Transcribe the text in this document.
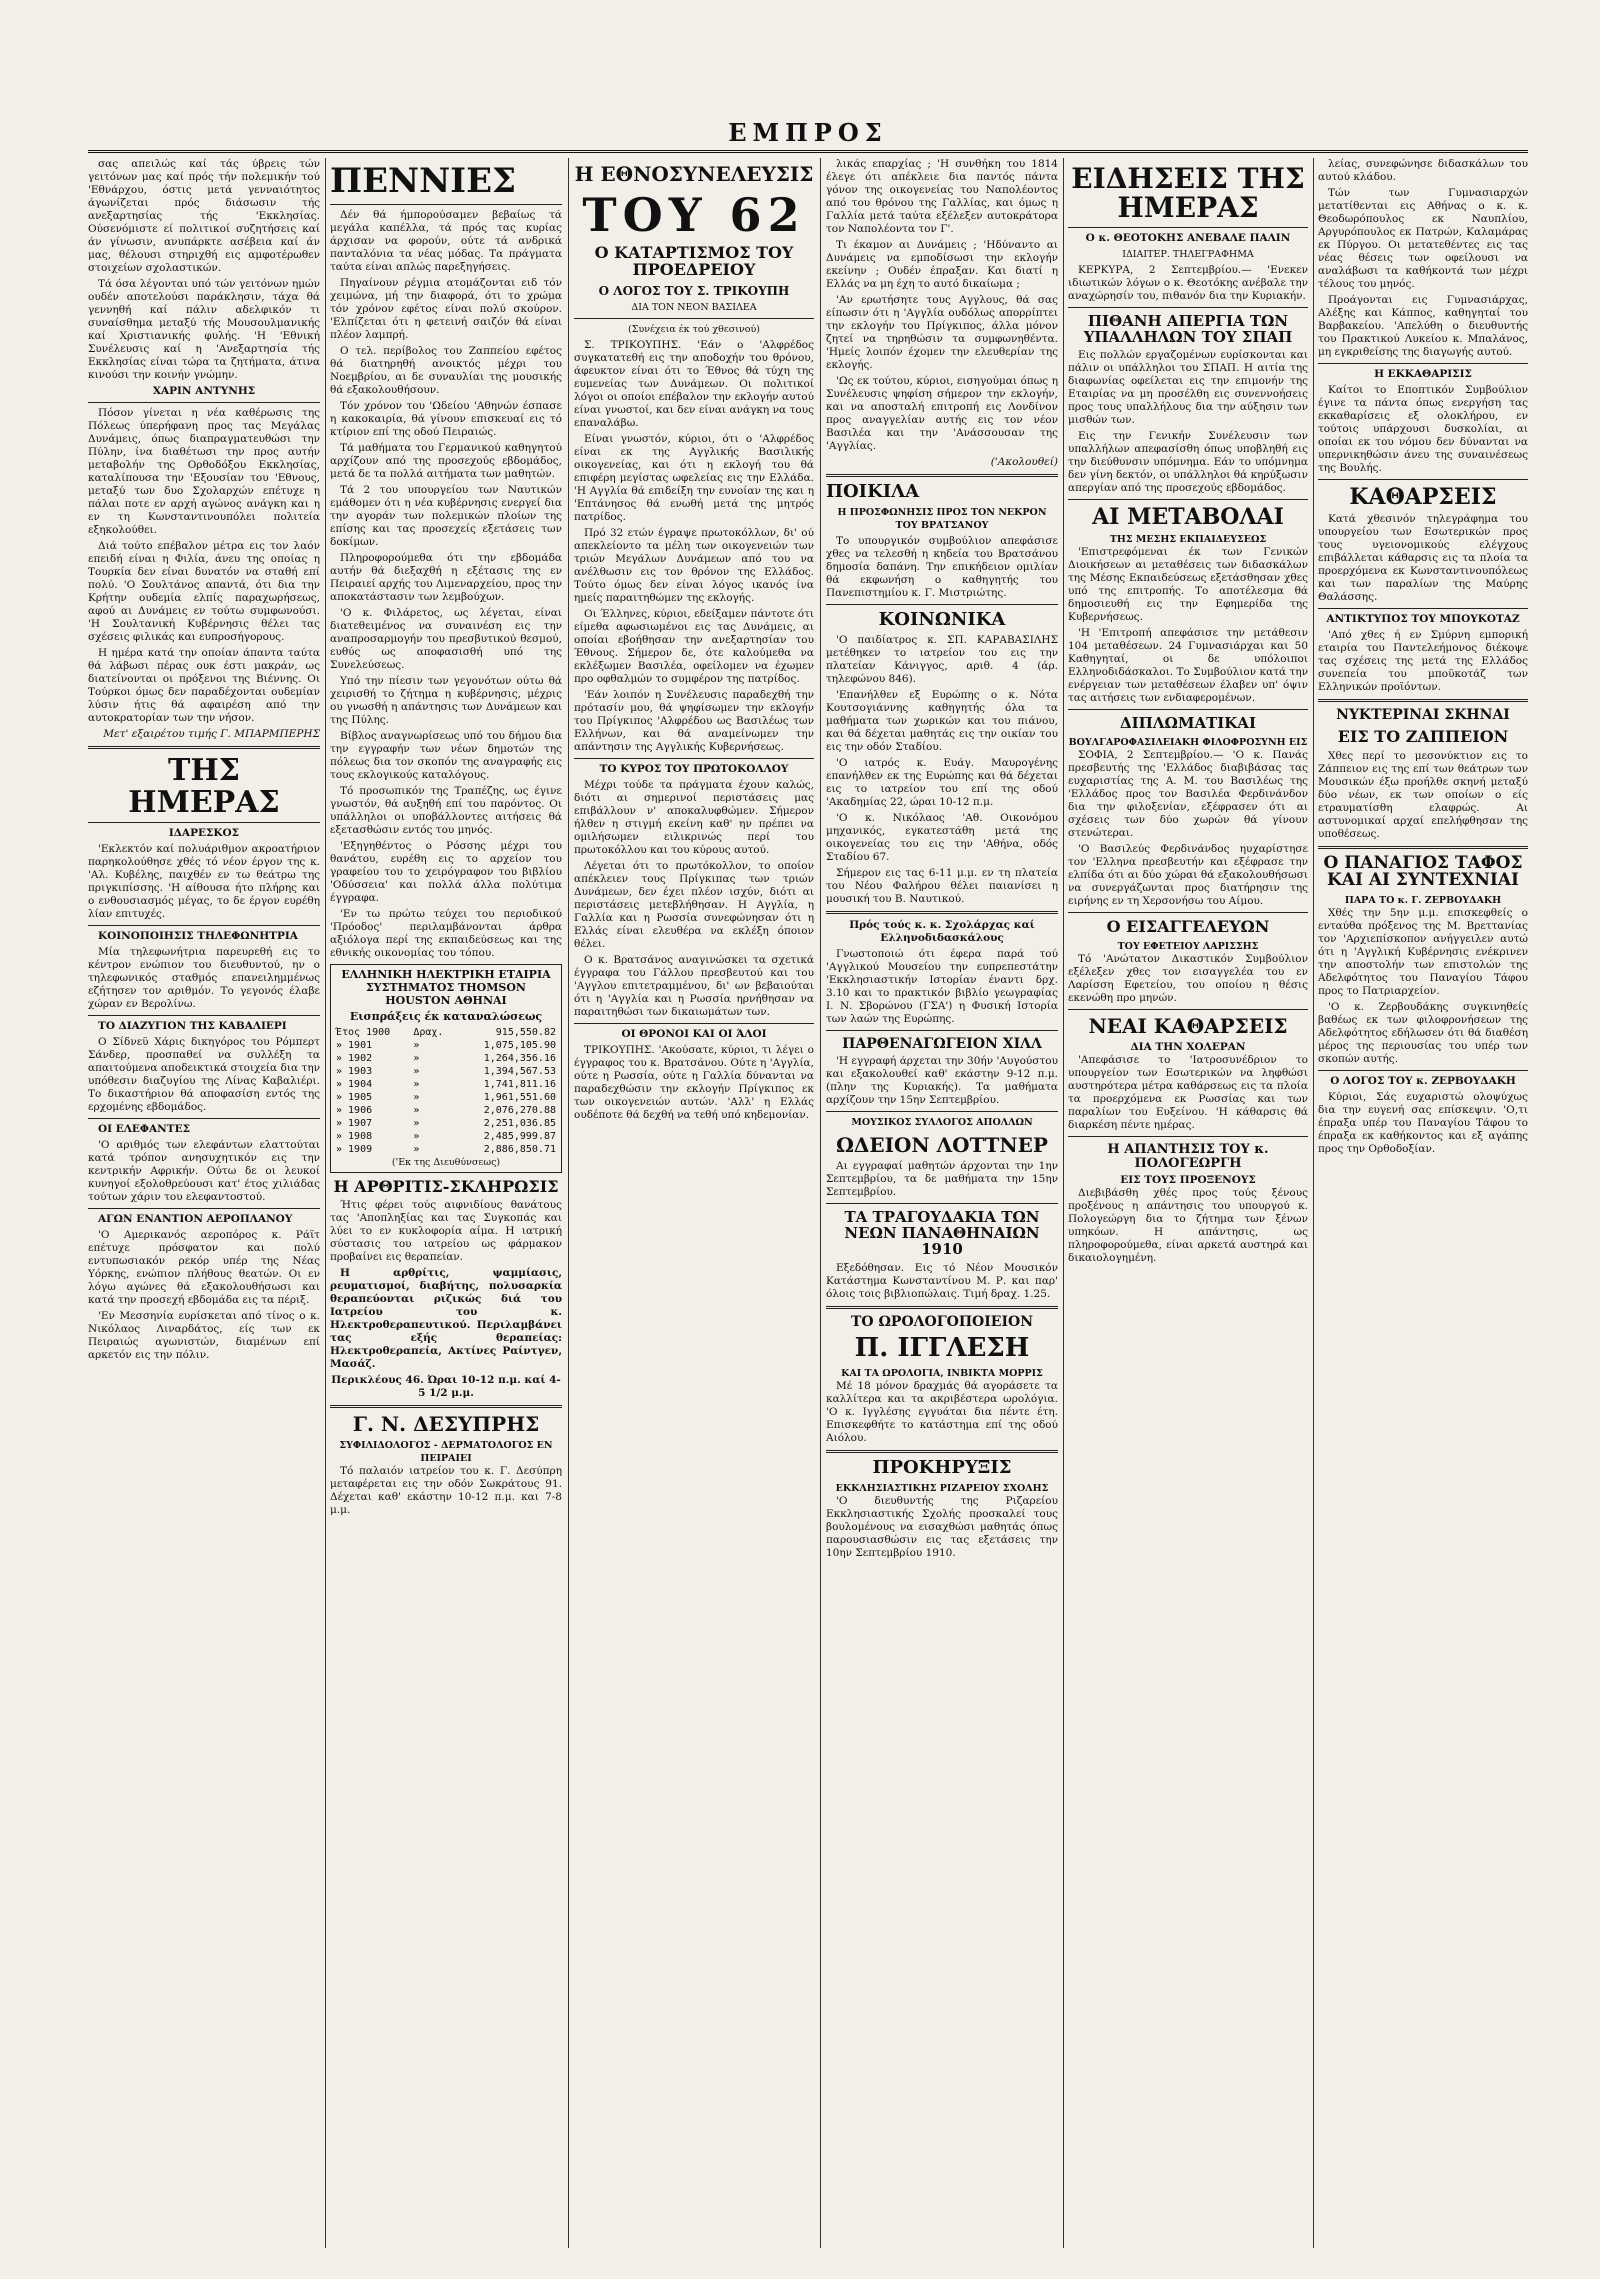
ΕΜΠΡΟΣ

σας απειλώς καί τάς ύβρεις τών γειτόνων μας καί πρός τήν πολεμικήν τού 'Εθνάρχου, όστις μετά γενναιότητος άγωνίζεται πρός διάσωσιν τής ανεξαρτησίας τής 'Εκκλησίας. Ούσενόμιστε εί πολιτικοί συζητήσεις καί άν γίνωσιν, ανυπάρκτε ασέβεια καί άν μας, θέλουσι στηριχθή εις αμφοτέρωθεν στοιχείων σχολαστικών.

Τά όσα λέγονται υπό τών γειτόνων ημών ουδέν αποτελούσι παράκλησιν, τάχα θά γεννηθή καί πάλιν αδελφικόν τι συναίσθημα μεταξύ τής Μουσουλμανικής καί Χριστιανικής φυλής. 'Η 'Εθνική Συνέλευσις καί η 'Ανεξαρτησία τής Εκκλησίας είναι τώρα τα ζητήματα, άτινα κινούσι την κοινήν γνώμην.

ΧΑΡΙΝ ΑΝΤΥΝΗΣ

Πόσον γίνεται η νέα καθέρωσις της Πόλεως ύπερήφανη προς τας Μεγάλας Δυνάμεις, όπως διαπραγματευθώσι την Πύλην, ίνα διαθέτωσι την προς αυτήν μεταβολήν της Ορθοδόξου Εκκλησίας, καταλίπουσα την 'Εξουσίαν του 'Εθνους, μεταξύ των δυο Σχολαρχών επέτυχε η πάλαι ποτε εν αρχή αγώνος ανάγκη και η εν τη Κωνσταντινουπόλει πολιτεία εξηκολούθει.

Διά τούτο επέβαλον μέτρα εις τον λαόν επειδή είναι η Φιλία, άνευ της οποίας η Τουρκία δεν είναι δυνατόν να σταθή επί πολύ. 'Ο Σουλτάνος απαντά, ότι δια την Κρήτην ουδεμία ελπίς παραχωρήσεως, αφού αι Δυνάμεις εν τούτω συμφωνούσι. 'Η Σουλτανική Κυβέρνησις θέλει τας σχέσεις φιλικάς και ευπροσήγορους.

Η ημέρα κατά την οποίαν άπαντα ταύτα θά λάβωσι πέρας ουκ έστι μακράν, ως διατείνονται οι πρόξενοι της Βιέννης. Οι Τούρκοι όμως δεν παραδέχονται ουδεμίαν λύσιν ήτις θά αφαιρέση από την αυτοκρατορίαν των την νήσον.

Μετ' εξαιρέτου τιμής Γ. ΜΠΑΡΜΠΕΡΗΣ

ΤΗΣ ΗΜΕΡΑΣ

ΙΔΑΡΕΣΚΟΣ

'Εκλεκτόν καί πολυάριθμον ακροατήριον παρηκολούθησε χθές τό νέον έργον της κ. 'Αλ. Κυβέλης, παιχθέν εν τω θεάτρω της πριγκιπίσσης. 'Η αίθουσα ήτο πλήρης και ο ενθουσιασμός μέγας, το δε έργον ευρέθη λίαν επιτυχές.

ΚΟΙΝΟΠΟΙΗΣΙΣ ΤΗΛΕΦΩΝΗΤΡΙΑ

Μία τηλεφωνήτρια παρευρεθή εις το κέντρον ενώπιον του διευθυντού, ην ο τηλεφωνικός σταθμός επανειλημμένως εζήτησεν τον αριθμόν. Το γεγονός έλαβε χώραν εν Βερολίνω.

ΤΟ ΔΙΑΖΥΓΙΟΝ ΤΗΣ ΚΑΒΑΛΙΕΡΙ

Ο Σίδνεϋ Χάρις δικηγόρος του Ρόμπερτ Σάνδερ, προσπαθεί να συλλέξη τα απαιτούμενα αποδεικτικά στοιχεία δια την υπόθεσιν διαζυγίου της Λίνας Καβαλιέρι. Το δικαστήριον θά αποφασίση εντός της ερχομένης εβδομάδος.

ΟΙ ΕΛΕΦΑΝΤΕΣ

'Ο αριθμός των ελεφάντων ελαττούται κατά τρόπον ανησυχητικόν εις την κεντρικήν Αφρικήν. Ούτω δε οι λευκοί κυνηγοί εξολοθρεύουσι κατ' έτος χιλιάδας τούτων χάριν του ελεφαντοστού.

ΑΓΩΝ ΕΝΑΝΤΙΟΝ ΑΕΡΟΠΛΑΝΟΥ

'Ο Αμερικανός αεροπόρος κ. Ράϊτ επέτυχε πρόσφατον και πολύ εντυπωσιακόν ρεκόρ υπέρ της Νέας Υόρκης, ενώπιον πλήθους θεατών. Οι εν λόγω αγώνες θά εξακολουθήσωσι και κατά την προσεχή εβδομάδα εις τα πέριξ.

'Εν Μεσσηνία ευρίσκεται από τίνος ο κ. Νικόλαος Λιναρδάτος, είς των εκ Πειραιώς αγωνιστών, διαμένων επί αρκετόν εις την πόλιν.

ΠΕΝΝΙΕΣ

Δέν θά ήμπορούσαμεν βεβαίως τά μεγάλα καπέλλα, τά πρός τας κυρίας άρχισαν να φορούν, ούτε τά ανδρικά πανταλόνια τα νέας μόδας. Τα πράγματα ταύτα είναι απλώς παρεξηγήσεις.

Πηγαίνουν ρέγμια ατομάζονται ειδ τόν χειμώνα, μή την διαφορά, ότι το χρώμα τόν χρόνον εφέτος είναι πολύ σκούρον. 'Ελπίζεται ότι η φετεινή σαιζόν θά είναι πλέον λαμπρή.

Ο τελ. περίβολος του Ζαππείου εφέτος θά διατηρηθή ανοικτός μέχρι του Νοεμβρίου, αι δε συναυλίαι της μουσικής θά εξακολουθήσουν.

Τόν χρόνον του 'Ωδείου 'Αθηνών έσπασε η κακοκαιρία, θά γίνουν επισκευαί εις τό κτίριον επί της οδού Πειραιώς.

Τά μαθήματα του Γερμανικού καθηγητού αρχίζουν από της προσεχούς εβδομάδος, μετά δε τα πολλά αιτήματα των μαθητών.

Τά 2 του υπουργείου των Ναυτικών εμάθομεν ότι η νέα κυβέρνησις ενεργεί δια την αγοράν των πολεμικών πλοίων της επίσης και τας προσεχείς εξετάσεις των δοκίμων.

Πληροφορούμεθα ότι την εβδομάδα αυτήν θά διεξαχθή η εξέτασις της εν Πειραιεί αρχής του Λιμεναρχείου, προς την αποκατάστασιν των λεμβούχων.

'Ο κ. Φιλάρετος, ως λέγεται, είναι διατεθειμένος να συναινέση εις την αναπροσαρμογήν του πρεσβυτικού θεσμού, ευθύς ως αποφασισθή υπό της Συνελεύσεως.

Υπό την πίεσιν των γεγονότων ούτω θά χειρισθή το ζήτημα η κυβέρνησις, μέχρις ου γνωσθή η απάντησις των Δυνάμεων και της Πύλης.

Βίβλος αναγνωρίσεως υπό του δήμου δια την εγγραφήν των νέων δημοτών της πόλεως δια τον σκοπόν της αναγραφής εις τους εκλογικούς καταλόγους.

Τό προσωπικόν της Τραπέζης, ως έγινε γνωστόν, θά αυξηθή επί του παρόντος. Οι υπάλληλοι οι υποβάλλοντες αιτήσεις θά εξετασθώσιν εντός του μηνός.

'Εξηγηθέντος ο Ρόσσης μέχρι του θανάτου, ευρέθη εις το αρχείον του γραφείου του το χειρόγραφον του βιβλίου 'Οδύσσεια' και πολλά άλλα πολύτιμα έγγραφα.

'Εν τω πρώτω τεύχει του περιοδικού 'Πρόοδος' περιλαμβάνονται άρθρα αξιόλογα περί της εκπαιδεύσεως και της εθνικής οικονομίας του τόπου.

ΕΛΛΗΝΙΚΗ ΗΛΕΚΤΡΙΚΗ ΕΤΑΙΡΙΑ ΣΥΣΤΗΜΑΤΟΣ THOMSON HOUSTON ΑΘΗΝΑΙ
Εισπράξεις έκ καταναλώσεως
Έτος 1900	Δραχ.	915,550.82
» 1901	»	1,075,105.90
» 1902	»	1,264,356.16
» 1903	»	1,394,567.53
» 1904	»	1,741,811.16
» 1905	»	1,961,551.60
» 1906	»	2,076,270.88
» 1907	»	2,251,036.85
» 1908	»	2,485,999.87
» 1909	»	2,886,850.71
('Εκ της Διευθύνσεως)
Η ΑΡΘΡΙΤΙΣ-ΣΚΛΗΡΩΣΙΣ

Ήτις φέρει τούς αιφνιδίους θανάτους τας 'Αποπληξίας και τας Συγκοπάς και λύει το εν κυκλοφορία αίμα. Η ιατρική σύστασις του ιατρείου ως φάρμακον προβαίνει εις θεραπείαν.

Η αρθρίτις, ψαμμίασις, ρευματισμοί, διαβήτης, πολυσαρκία θεραπεύονται ριζικώς διά του Ιατρείου του κ. Ηλεκτροθεραπευτικού. Περιλαμβάνει τας εξής θεραπείας: Ηλεκτροθεραπεία, Ακτίνες Ραίντγεν, Μασάζ.

Περικλέους 46. Ώραι 10-12 π.μ. καί 4-5 1/2 μ.μ.

Γ. Ν. ΔΕΣΥΠΡΗΣ
ΣΥΦΙΛΙΔΟΛΟΓΟΣ - ΔΕΡΜΑΤΟΛΟΓΟΣ ΕΝ ΠΕΙΡΑΙΕΙ

Τό παλαιόν ιατρείον του κ. Γ. Δεσύπρη μεταφέρεται εις την οδόν Σωκράτους 91. Δέχεται καθ' εκάστην 10-12 π.μ. και 7-8 μ.μ.

Η ΕΘΝΟΣΥΝΕΛΕΥΣΙΣ
ΤΟΥ 62
Ο ΚΑΤΑΡΤΙΣΜΟΣ ΤΟΥ ΠΡΟΕΔΡΕΙΟΥ
Ο ΛΟΓΟΣ ΤΟΥ Σ. ΤΡΙΚΟΥΠΗ
ΔΙΑ ΤΟΝ ΝΕΟΝ ΒΑΣΙΛΕΑ

(Συνέχεια έκ τού χθεσινού)

Σ. ΤΡΙΚΟΥΠΗΣ. 'Εάν ο 'Αλφρέδος συγκατατεθή εις την αποδοχήν του θρόνου, άφευκτον είναι ότι το Έθνος θά τύχη της ευμενείας των Δυνάμεων. Οι πολιτικοί λόγοι οι οποίοι επέβαλον την εκλογήν αυτού είναι γνωστοί, και δεν είναι ανάγκη να τους επαναλάβω.

Είναι γνωστόν, κύριοι, ότι ο 'Αλφρέδος είναι εκ της Αγγλικής Βασιλικής οικογενείας, και ότι η εκλογή του θά επιφέρη μεγίστας ωφελείας εις την Ελλάδα. 'Η Αγγλία θά επιδείξη την ευνοίαν της και η 'Επτάνησος θά ενωθή μετά της μητρός πατρίδος.

Πρό 32 ετών έγραψε πρωτοκόλλων, δι' ού απεκλείοντο τα μέλη των οικογενειών των τριών Μεγάλων Δυνάμεων από του να ανέλθωσιν εις τον θρόνον της Ελλάδος. Τούτο όμως δεν είναι λόγος ικανός ίνα ημείς παραιτηθώμεν της εκλογής.

Οι Έλληνες, κύριοι, εδείξαμεν πάντοτε ότι είμεθα αφωσιωμένοι εις τας Δυνάμεις, αι οποίαι εβοήθησαν την ανεξαρτησίαν του Έθνους. Σήμερον δε, ότε καλούμεθα να εκλέξωμεν Βασιλέα, οφείλομεν να έχωμεν προ οφθαλμών το συμφέρον της πατρίδος.

'Εάν λοιπόν η Συνέλευσις παραδεχθή την πρότασίν μου, θά ψηφίσωμεν την εκλογήν του Πρίγκιπος 'Αλφρέδου ως Βασιλέως των Ελλήνων, και θά αναμείνωμεν την απάντησιν της Αγγλικής Κυβερνήσεως.

ΤΟ ΚΥΡΟΣ ΤΟΥ ΠΡΩΤΟΚΟΛΛΟΥ

Μέχρι τούδε τα πράγματα έχουν καλώς, διότι αι σημερινοί περιστάσεις μας επιβάλλουν ν' αποκαλυφθώμεν. Σήμερον ήλθεν η στιγμή εκείνη καθ' ην πρέπει να ομιλήσωμεν ειλικρινώς περί του πρωτοκόλλου και του κύρους αυτού.

Λέγεται ότι το πρωτόκολλον, το οποίον απέκλειεν τους Πρίγκιπας των τριών Δυνάμεων, δεν έχει πλέον ισχύν, διότι αι περιστάσεις μετεβλήθησαν. Η Αγγλία, η Γαλλία και η Ρωσσία συνεφώνησαν ότι η Ελλάς είναι ελευθέρα να εκλέξη όποιον θέλει.

Ο κ. Βρατσάνος αναγινώσκει τα σχετικά έγγραφα του Γάλλου πρεσβευτού και του 'Αγγλου επιτετραμμένου, δι' ων βεβαιούται ότι η 'Αγγλία και η Ρωσσία ηρνήθησαν να παραιτηθώσι των δικαιωμάτων των.

ΟΙ ΘΡΟΝΟΙ ΚΑΙ ΟΙ ΆΛΟΙ

ΤΡΙΚΟΥΠΗΣ. 'Ακούσατε, κύριοι, τι λέγει ο έγγραφος του κ. Βρατσάνου. Ούτε η 'Αγγλία, ούτε η Ρωσσία, ούτε η Γαλλία δύνανται να παραδεχθώσιν την εκλογήν Πρίγκιπος εκ των οικογενειών αυτών. 'Αλλ' η Ελλάς ουδέποτε θά δεχθή να τεθή υπό κηδεμονίαν.

λικάς επαρχίας ; 'Η συνθήκη του 1814 έλεγε ότι απέκλειε δια παντός πάντα γόνον της οικογενείας του Ναπολέοντος από του θρόνου της Γαλλίας, και όμως η Γαλλία μετά ταύτα εξέλεξεν αυτοκράτορα τον Ναπολέοντα τον Γ'.

Τι έκαμον αι Δυνάμεις ; 'Ηδύναντο αι Δυνάμεις να εμποδίσωσι την εκλογήν εκείνην ; Ουδέν έπραξαν. Και διατί η Ελλάς να μη έχη το αυτό δικαίωμα ;

'Αν ερωτήσητε τους Αγγλους, θά σας είπωσιν ότι η 'Αγγλία ουδόλως απορρίπτει την εκλογήν του Πρίγκιπος, άλλα μόνον ζητεί να τηρηθώσιν τα συμφωνηθέντα. 'Ημείς λοιπόν έχομεν την ελευθερίαν της εκλογής.

'Ως εκ τούτου, κύριοι, εισηγούμαι όπως η Συνέλευσις ψηφίση σήμερον την εκλογήν, και να αποσταλή επιτροπή εις Λονδίνον προς αναγγελίαν αυτής εις τον νέον Βασιλέα και την 'Ανάσσουσαν της 'Αγγλίας.

('Ακολουθεί)

ΠΟΙΚΙΛΑ

Η ΠΡΟΣΦΩΝΗΣΙΣ ΠΡΟΣ ΤΟΝ ΝΕΚΡΟΝ ΤΟΥ ΒΡΑΤΣΑΝΟΥ

Το υπουργικόν συμβούλιον απεφάσισε χθες να τελεσθή η κηδεία του Βρατσάνου δημοσία δαπάνη. Την επικήδειον ομιλίαν θά εκφωνήση ο καθηγητής του Πανεπιστημίου κ. Γ. Μιστριώτης.

ΚΟΙΝΩΝΙΚΑ

'Ο παιδίατρος κ. ΣΠ. ΚΑΡΑΒΑΣΙΛΗΣ μετέθηκεν το ιατρείον του εις την πλατείαν Κάνιγγος, αριθ. 4 (άρ. τηλεφώνου 846).

'Επανήλθεν εξ Ευρώπης ο κ. Νότα Κουτσογιάννης καθηγητής όλα τα μαθήματα των χωρικών και του πιάνου, και θά δέχεται μαθητάς εις την οικίαν του εις την οδόν Σταδίου.

'Ο ιατρός κ. Ευάγ. Μαυρογένης επανήλθεν εκ της Ευρώπης και θά δέχεται εις το ιατρείον του επί της οδού 'Ακαδημίας 22, ώραι 10-12 π.μ.

'Ο κ. Νικόλαος 'Αθ. Οικονόμου μηχανικός, εγκατεστάθη μετά της οικογενείας του εις την 'Αθήνα, οδός Σταδίου 67.

Σήμερον εις τας 6-11 μ.μ. εν τη πλατεία του Νέου Φαλήρου θέλει παιανίσει η μουσική του Β. Ναυτικού.

Πρός τούς κ. κ. Σχολάρχας καί Ελληνοδιδασκάλους

Γνωστοποιώ ότι έφερα παρά τού 'Αγγλικού Μουσείου την ευπρεπεστάτην 'Εκκλησιαστικήν Ιστορίαν έναντι δρχ. 3.10 και το πρακτικόν βιβλίο γεωγραφίας Ι. Ν. Σβορώνου (ΓΣΑ') η Φυσική Ιστορία των λαών της Ευρώπης.

ΠΑΡΘΕΝΑΓΩΓΕΙΟΝ ΧΙΛΛ

'Η εγγραφή άρχεται την 30ήν 'Αυγούστου και εξακολουθεί καθ' εκάστην 9-12 π.μ. (πλην της Κυριακής). Τα μαθήματα αρχίζουν την 15ην Σεπτεμβρίου.

ΜΟΥΣΙΚΟΣ ΣΥΛΛΟΓΟΣ ΑΠΟΛΛΩΝ

ΩΔΕΙΟΝ ΛΟΤΤΝΕΡ

Αι εγγραφαί μαθητών άρχονται την 1ην Σεπτεμβρίου, τα δε μαθήματα την 15ην Σεπτεμβρίου.

ΤΑ ΤΡΑΓΟΥΔΑΚΙΑ ΤΩΝ ΝΕΩΝ ΠΑΝΑΘΗΝΑΙΩΝ 1910

Εξεδόθησαν. Εις τό Νέον Μουσικόν Κατάστημα Κωνσταντίνου Μ. Ρ. και παρ' όλοις τοις βιβλιοπώλαις. Τιμή δραχ. 1.25.

ΤΟ ΩΡΟΛΟΓΟΠΟΙΕΙΟΝ
Π. ΙΓΓΛΕΣΗ
ΚΑΙ ΤΑ ΩΡΟΛΟΓΙΑ, ΙΝΒΙΚΤΑ ΜΟΡΡΙΣ

Μέ 18 μόνον δραχμάς θά αγοράσετε τα καλλίτερα και τα ακριβέστερα ωρολόγια. 'Ο κ. Ιγγλέσης εγγυάται δια πέντε έτη. Επισκεφθήτε το κατάστημα επί της οδού Αιόλου.

ΠΡΟΚΗΡΥΞΙΣ
ΕΚΚΛΗΣΙΑΣΤΙΚΗΣ ΡΙΖΑΡΕΙΟΥ ΣΧΟΛΗΣ

'Ο διευθυντής της Ριζαρείου Εκκλησιαστικής Σχολής προσκαλεί τους βουλομένους να εισαχθώσι μαθητάς όπως παρουσιασθώσιν εις τας εξετάσεις την 10ην Σεπτεμβρίου 1910.

ΕΙΔΗΣΕΙΣ ΤΗΣ ΗΜΕΡΑΣ

Ο κ. ΘΕΟΤΟΚΗΣ ΑΝΕΒΑΛΕ ΠΑΛΙΝ

ΙΔΙΑΙΤΕΡ. ΤΗΛΕΓΡΑΦΗΜΑ

ΚΕΡΚΥΡΑ, 2 Σεπτεμβρίου.— 'Ενεκεν ιδιωτικών λόγων ο κ. Θεοτόκης ανέβαλε την αναχώρησίν του, πιθανόν δια την Κυριακήν.

ΠΙΘΑΝΗ ΑΠΕΡΓΙΑ ΤΩΝ ΥΠΑΛΛΗΛΩΝ ΤΟΥ ΣΠΑΠ

Εις πολλών εργαζομένων ευρίσκονται και πάλιν οι υπάλληλοι του ΣΠΑΠ. Η αιτία της διαφωνίας οφείλεται εις την επιμονήν της Εταιρίας να μη προσέλθη εις συνεννοήσεις προς τους υπαλλήλους δια την αύξησιν των μισθών των.

Εις την Γενικήν Συνέλευσιν των υπαλλήλων απεφασίσθη όπως υποβληθή εις την διεύθυνσιν υπόμνημα. Εάν το υπόμνημα δεν γίνη δεκτόν, οι υπάλληλοι θά κηρύξωσιν απεργίαν από της προσεχούς εβδομάδος.

ΑΙ ΜΕΤΑΒΟΛΑΙ
ΤΗΣ ΜΕΣΗΣ ΕΚΠΑΙΔΕΥΣΕΩΣ

'Επιστρεφόμεναι έκ των Γενικών Διοικήσεων αι μεταθέσεις των διδασκάλων της Μέσης Εκπαιδεύσεως εξετάσθησαν χθες υπό της επιτροπής. Το αποτέλεσμα θά δημοσιευθή εις την Εφημερίδα της Κυβερνήσεως.

'Η 'Επιτροπή απεφάσισε την μετάθεσιν 104 μεταθέσεων. 24 Γυμνασιάρχαι και 50 Καθηγηταί, οι δε υπόλοιποι Ελληνοδιδάσκαλοι. Το Συμβούλιον κατά την ενέργειαν των μεταθέσεων έλαβεν υπ' όψιν τας αιτήσεις των ενδιαφερομένων.

ΔΙΠΛΩΜΑΤΙΚΑΙ
ΒΟΥΛΓΑΡΟΦΑΣΙΛΕΙΑΚΗ ΦΙΛΟΦΡΟΣΥΝΗ ΕΙΣ

ΣΟΦΙΑ, 2 Σεπτεμβρίου.— 'Ο κ. Πανάς πρεσβευτής της 'Ελλάδος διαβιβάσας τας ευχαριστίας της Α. Μ. του Βασιλέως της 'Ελλάδος προς τον Βασιλέα Φερδινάνδον δια την φιλοξενίαν, εξέφρασεν ότι αι σχέσεις των δύο χωρών θά γίνουν στενώτεραι.

'Ο Βασιλεύς Φερδινάνδος ηυχαρίστησε τον 'Ελληνα πρεσβευτήν και εξέφρασε την ελπίδα ότι αι δύο χώραι θά εξακολουθήσωσι να συνεργάζωνται προς διατήρησιν της ειρήνης εν τη Χερσονήσω του Αίμου.

Ο ΕΙΣΑΓΓΕΛΕΥΩΝ
ΤΟΥ ΕΦΕΤΕΙΟΥ ΛΑΡΙΣΣΗΣ

Τό 'Ανώτατον Δικαστικόν Συμβούλιον εξέλεξεν χθες τον εισαγγελέα του εν Λαρίσση Εφετείου, του οποίου η θέσις εκενώθη προ μηνών.

ΝΕΑΙ ΚΑΘΑΡΣΕΙΣ
ΔΙΑ ΤΗΝ ΧΟΛΕΡΑΝ

'Απεφάσισε το 'Ιατροσυνέδριον το υπουργείον των Εσωτερικών να ληφθώσι αυστηρότερα μέτρα καθάρσεως εις τα πλοία τα προερχόμενα εκ Ρωσσίας και των παραλίων του Ευξείνου. 'Η κάθαρσις θά διαρκέση πέντε ημέρας.

Η ΑΠΑΝΤΗΣΙΣ ΤΟΥ κ. ΠΟΛΟΓΕΩΡΓΗ
ΕΙΣ ΤΟΥΣ ΠΡΟΞΕΝΟΥΣ

Διεβιβάσθη χθές προς τούς ξένους προξένους η απάντησις του υπουργού κ. Πολογεώργη δια το ζήτημα των ξένων υπηκόων. Η απάντησις, ως πληροφορούμεθα, είναι αρκετά αυστηρά και δικαιολογημένη.

λείας, συνεφώνησε διδασκάλων του αυτού κλάδου.

Τών των Γυμνασιαρχών μετατίθενται εις Αθήνας ο κ. κ. Θεοδωρόπουλος εκ Ναυπλίου, Αργυρόπουλος εκ Πατρών, Καλαμάρας εκ Πύργου. Οι μετατεθέντες εις τας νέας θέσεις των οφείλουσι να αναλάβωσι τα καθήκοντά των μέχρι τέλους του μηνός.

Προάγονται εις Γυμνασιάρχας, Αλέξης και Κάππος, καθηγηταί του Βαρβακείου. 'Απελύθη ο διευθυντής του Πρακτικού Λυκείου κ. Μπαλάνος, μη εγκριθείσης της διαγωγής αυτού.

Η ΕΚΚΑΘΑΡΙΣΙΣ

Καίτοι το Εποπτικόν Συμβούλιον έγινε τα πάντα όπως ενεργήση τας εκκαθαρίσεις εξ ολοκλήρου, εν τούτοις υπάρχουσι δυσκολίαι, αι οποίαι εκ του νόμου δεν δύνανται να υπερνικηθώσιν άνευ της συναινέσεως της Βουλής.

ΚΑΘΑΡΣΕΙΣ

Κατά χθεσινόν τηλεγράφημα του υπουργείου των Εσωτερικών προς τους υγειονομικούς ελέγχους επιβάλλεται κάθαρσις εις τα πλοία τα προερχόμενα εκ Κωνσταντινουπόλεως και των παραλίων της Μαύρης Θαλάσσης.

ΑΝΤΙΚΤΥΠΟΣ ΤΟΥ ΜΠΟΥΚΟΤΑΖ

'Από χθες ή εν Σμύρνη εμπορική εταιρία του Παντελεήμονος διέκοψε τας σχέσεις της μετά της Ελλάδος συνεπεία του μποϋκοτάζ των Ελληνικών προϊόντων.

ΝΥΚΤΕΡΙΝΑΙ ΣΚΗΝΑΙ
ΕΙΣ ΤΟ ΖΑΠΠΕΙΟΝ

Χθες περί το μεσονύκτιον εις το Ζάππειον εις της επί των θεάτρων των Μουσικών έξω προήλθε σκηνή μεταξύ δύο νέων, εκ των οποίων ο είς ετραυματίσθη ελαφρώς. Αι αστυνομικαί αρχαί επελήφθησαν της υποθέσεως.

Ο ΠΑΝΑΓΙΟΣ ΤΑΦΟΣ ΚΑΙ ΑΙ ΣΥΝΤΕΧΝΙΑΙ
ΠΑΡΑ ΤΟ κ. Γ. ΖΕΡΒΟΥΔΑΚΗ

Χθές την 5ην μ.μ. επισκεφθείς ο ενταύθα πρόξενος της Μ. Βρεττανίας τον 'Αρχιεπίσκοπον ανήγγειλεν αυτώ ότι η 'Αγγλική Κυβέρνησις ενέκρινεν την αποστολήν των επιστολών της Αδελφότητος του Παναγίου Τάφου προς το Πατριαρχείον.

'Ο κ. Ζερβουδάκης συγκινηθείς βαθέως εκ των φιλοφρονήσεων της Αδελφότητος εδήλωσεν ότι θά διαθέση μέρος της περιουσίας του υπέρ των σκοπών αυτής.

Ο ΛΟΓΟΣ ΤΟΥ κ. ΖΕΡΒΟΥΔΑΚΗ

Κύριοι, Σάς ευχαριστώ ολοψύχως δια την ευγενή σας επίσκεψιν. 'Ο,τι έπραξα υπέρ του Παναγίου Τάφου το έπραξα εκ καθήκοντος και εξ αγάπης προς την Ορθοδοξίαν.
